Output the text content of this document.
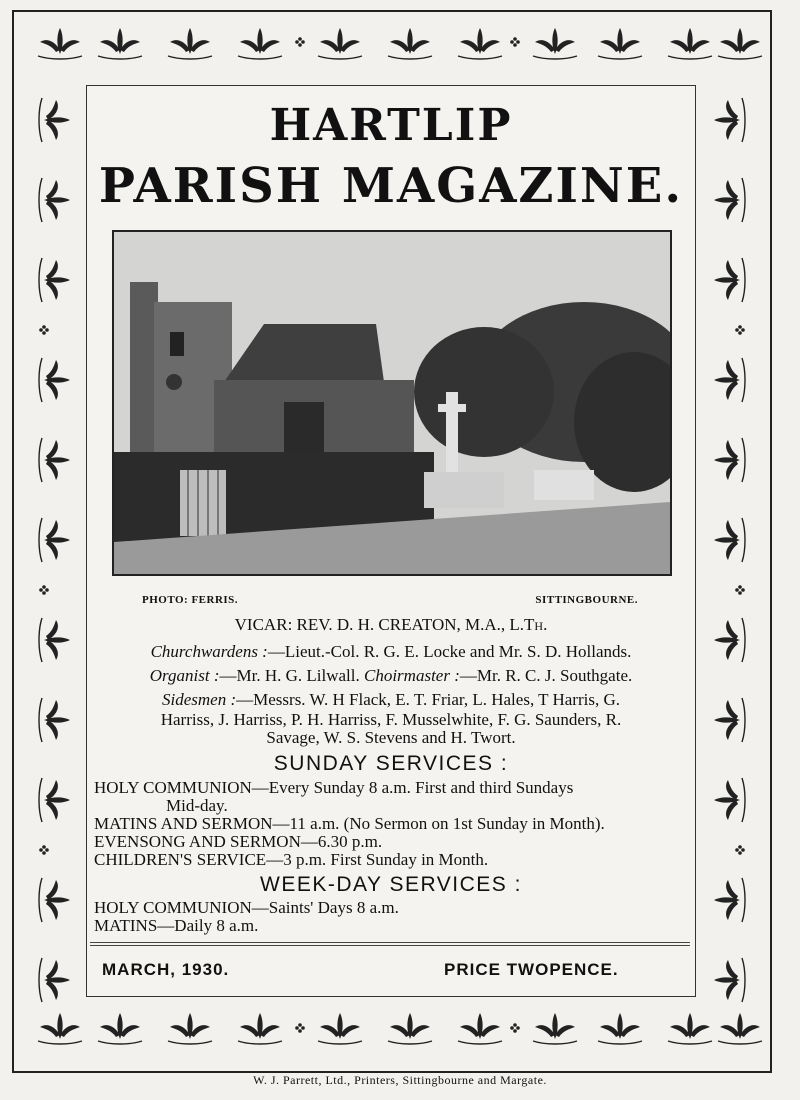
HARTLIP
PARISH MAGAZINE.
PHOTO: FERRIS.	SITTINGBOURNE.
VICAR: REV. D. H. CREATON, M.A., L.Th.
Churchwardens :—Lieut.-Col. R. G. E. Locke and Mr. S. D. Hollands.
Organist :—Mr. H. G. Lilwall. Choirmaster :—Mr. R. C. J. Southgate.
Sidesmen :—Messrs. W. H Flack, E. T. Friar, L. Hales, T Harris, G.
Harriss, J. Harriss, P. H. Harriss, F. Musselwhite, F. G. Saunders, R.
Savage, W. S. Stevens and H. Twort.
SUNDAY SERVICES :
HOLY COMMUNION—Every Sunday 8 a.m. First and third Sundays
Mid-day.
MATINS AND SERMON—11 a.m. (No Sermon on 1st Sunday in Month).
EVENSONG AND SERMON—6.30 p.m.
CHILDREN'S SERVICE—3 p.m. First Sunday in Month.
WEEK-DAY SERVICES :
HOLY COMMUNION—Saints' Days 8 a.m.
MATINS—Daily 8 a.m.
MARCH, 1930.	PRICE TWOPENCE.
W. J. Parrett, Ltd., Printers, Sittingbourne and Margate.
